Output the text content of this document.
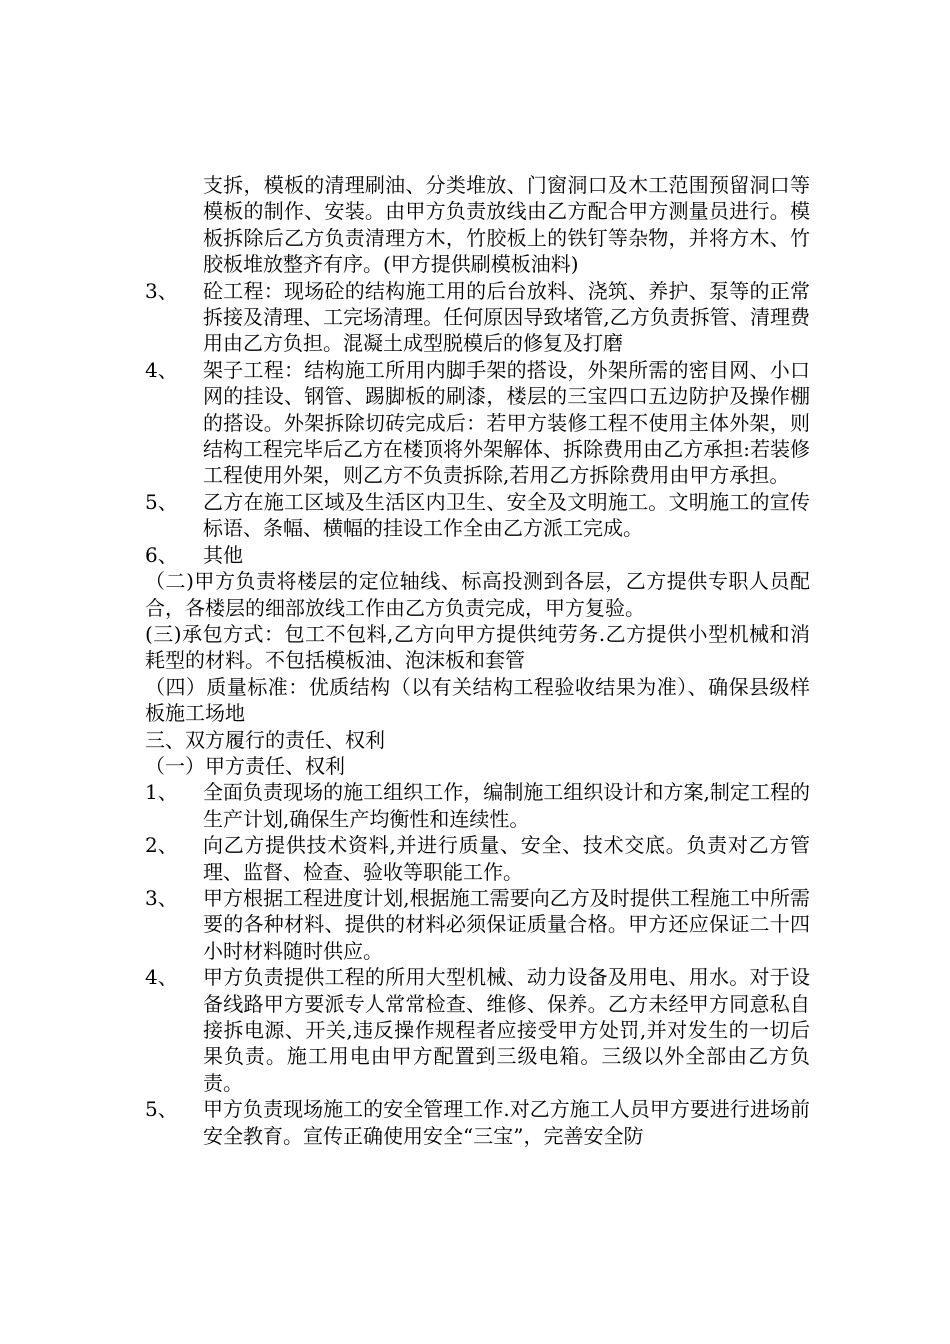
支拆，模板的清理刷油、分类堆放、门窗洞口及木工范围预留洞口等模板的制作、安装。由甲方负责放线由乙方配合甲方测量员进行。模板拆除后乙方负责清理方木，竹胶板上的铁钉等杂物，并将方木、竹胶板堆放整齐有序。(甲方提供刷模板油料)
3、	砼工程：现场砼的结构施工用的后台放料、浇筑、养护、泵等的正常拆接及清理、工完场清理。任何原因导致堵管,乙方负责拆管、清理费用由乙方负担。混凝土成型脱模后的修复及打磨
4、	架子工程：结构施工所用内脚手架的搭设，外架所需的密目网、小口网的挂设、钢管、踢脚板的刷漆，楼层的三宝四口五边防护及操作棚的搭设。外架拆除切砖完成后：若甲方装修工程不使用主体外架，则结构工程完毕后乙方在楼顶将外架解体、拆除费用由乙方承担:若装修工程使用外架，则乙方不负责拆除,若用乙方拆除费用由甲方承担。
5、	乙方在施工区域及生活区内卫生、安全及文明施工。文明施工的宣传标语、条幅、横幅的挂设工作全由乙方派工完成。
6、	其他
（二)甲方负责将楼层的定位轴线、标高投测到各层，乙方提供专职人员配合，各楼层的细部放线工作由乙方负责完成，甲方复验。
(三)承包方式：包工不包料,乙方向甲方提供纯劳务.乙方提供小型机械和消耗型的材料。不包括模板油、泡沫板和套管
（四）质量标准：优质结构（以有关结构工程验收结果为准）、确保县级样板施工场地
三、双方履行的责任、权利
（一）甲方责任、权利
1、	全面负责现场的施工组织工作，编制施工组织设计和方案,制定工程的生产计划,确保生产均衡性和连续性。
2、	向乙方提供技术资料,并进行质量、安全、技术交底。负责对乙方管理、监督、检查、验收等职能工作。
3、	甲方根据工程进度计划,根据施工需要向乙方及时提供工程施工中所需要的各种材料、提供的材料必须保证质量合格。甲方还应保证二十四小时材料随时供应。
4、	甲方负责提供工程的所用大型机械、动力设备及用电、用水。对于设备线路甲方要派专人常常检查、维修、保养。乙方未经甲方同意私自接拆电源、开关,违反操作规程者应接受甲方处罚,并对发生的一切后果负责。施工用电由甲方配置到三级电箱。三级以外全部由乙方负责。
5、	甲方负责现场施工的安全管理工作.对乙方施工人员甲方要进行进场前安全教育。宣传正确使用安全“三宝”，完善安全防
